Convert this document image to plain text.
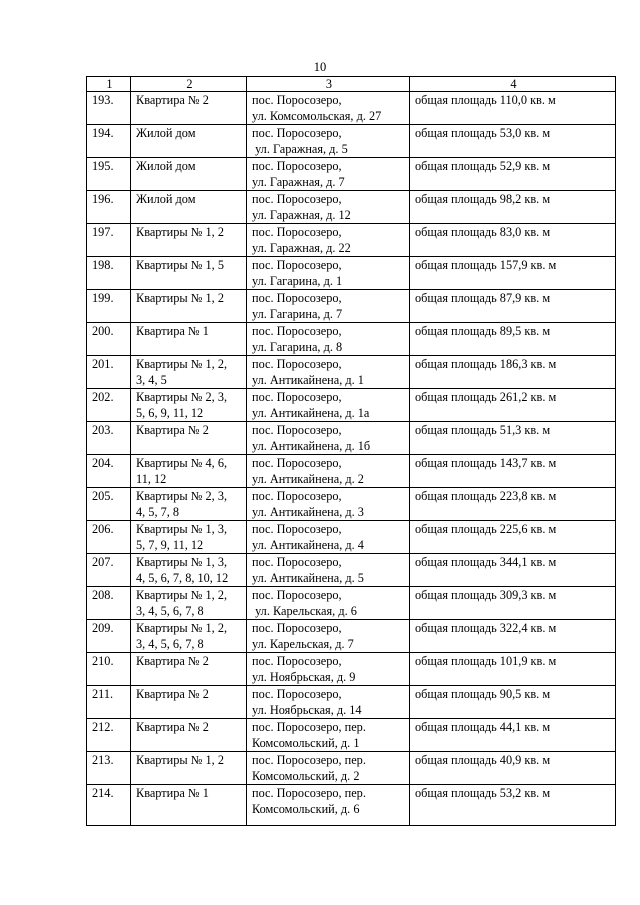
10
1	2	3	4
193.	Квартира № 2	пос. Поросозеро,
ул. Комсомольская, д. 27	общая площадь 110,0 кв. м
194.	Жилой дом	пос. Поросозеро,
ул. Гаражная, д. 5	общая площадь 53,0 кв. м
195.	Жилой дом	пос. Поросозеро,
ул. Гаражная, д. 7	общая площадь 52,9 кв. м
196.	Жилой дом	пос. Поросозеро,
ул. Гаражная, д. 12	общая площадь 98,2 кв. м
197.	Квартиры № 1, 2	пос. Поросозеро,
ул. Гаражная, д. 22	общая площадь 83,0 кв. м
198.	Квартиры № 1, 5	пос. Поросозеро,
ул. Гагарина, д. 1	общая площадь 157,9 кв. м
199.	Квартиры № 1, 2	пос. Поросозеро,
ул. Гагарина, д. 7	общая площадь 87,9 кв. м
200.	Квартира № 1	пос. Поросозеро,
ул. Гагарина, д. 8	общая площадь 89,5 кв. м
201.	Квартиры № 1, 2,
3, 4, 5	пос. Поросозеро,
ул. Антикайнена, д. 1	общая площадь 186,3 кв. м
202.	Квартиры № 2, 3,
5, 6, 9, 11, 12	пос. Поросозеро,
ул. Антикайнена, д. 1а	общая площадь 261,2 кв. м
203.	Квартира № 2	пос. Поросозеро,
ул. Антикайнена, д. 1б	общая площадь 51,3 кв. м
204.	Квартиры № 4, 6,
11, 12	пос. Поросозеро,
ул. Антикайнена, д. 2	общая площадь 143,7 кв. м
205.	Квартиры № 2, 3,
4, 5, 7, 8	пос. Поросозеро,
ул. Антикайнена, д. 3	общая площадь 223,8 кв. м
206.	Квартиры № 1, 3,
5, 7, 9, 11, 12	пос. Поросозеро,
ул. Антикайнена, д. 4	общая площадь 225,6 кв. м
207.	Квартиры № 1, 3,
4, 5, 6, 7, 8, 10, 12	пос. Поросозеро,
ул. Антикайнена, д. 5	общая площадь 344,1 кв. м
208.	Квартиры № 1, 2,
3, 4, 5, 6, 7, 8	пос. Поросозеро,
ул. Карельская, д. 6	общая площадь 309,3 кв. м
209.	Квартиры № 1, 2,
3, 4, 5, 6, 7, 8	пос. Поросозеро,
ул. Карельская, д. 7	общая площадь 322,4 кв. м
210.	Квартира № 2	пос. Поросозеро,
ул. Ноябрьская, д. 9	общая площадь 101,9 кв. м
211.	Квартира № 2	пос. Поросозеро,
ул. Ноябрьская, д. 14	общая площадь 90,5 кв. м
212.	Квартира № 2	пос. Поросозеро, пер.
Комсомольский, д. 1	общая площадь 44,1 кв. м
213.	Квартиры № 1, 2	пос. Поросозеро, пер.
Комсомольский, д. 2	общая площадь 40,9 кв. м
214.	Квартира № 1	пос. Поросозеро, пер.
Комсомольский, д. 6	общая площадь 53,2 кв. м
